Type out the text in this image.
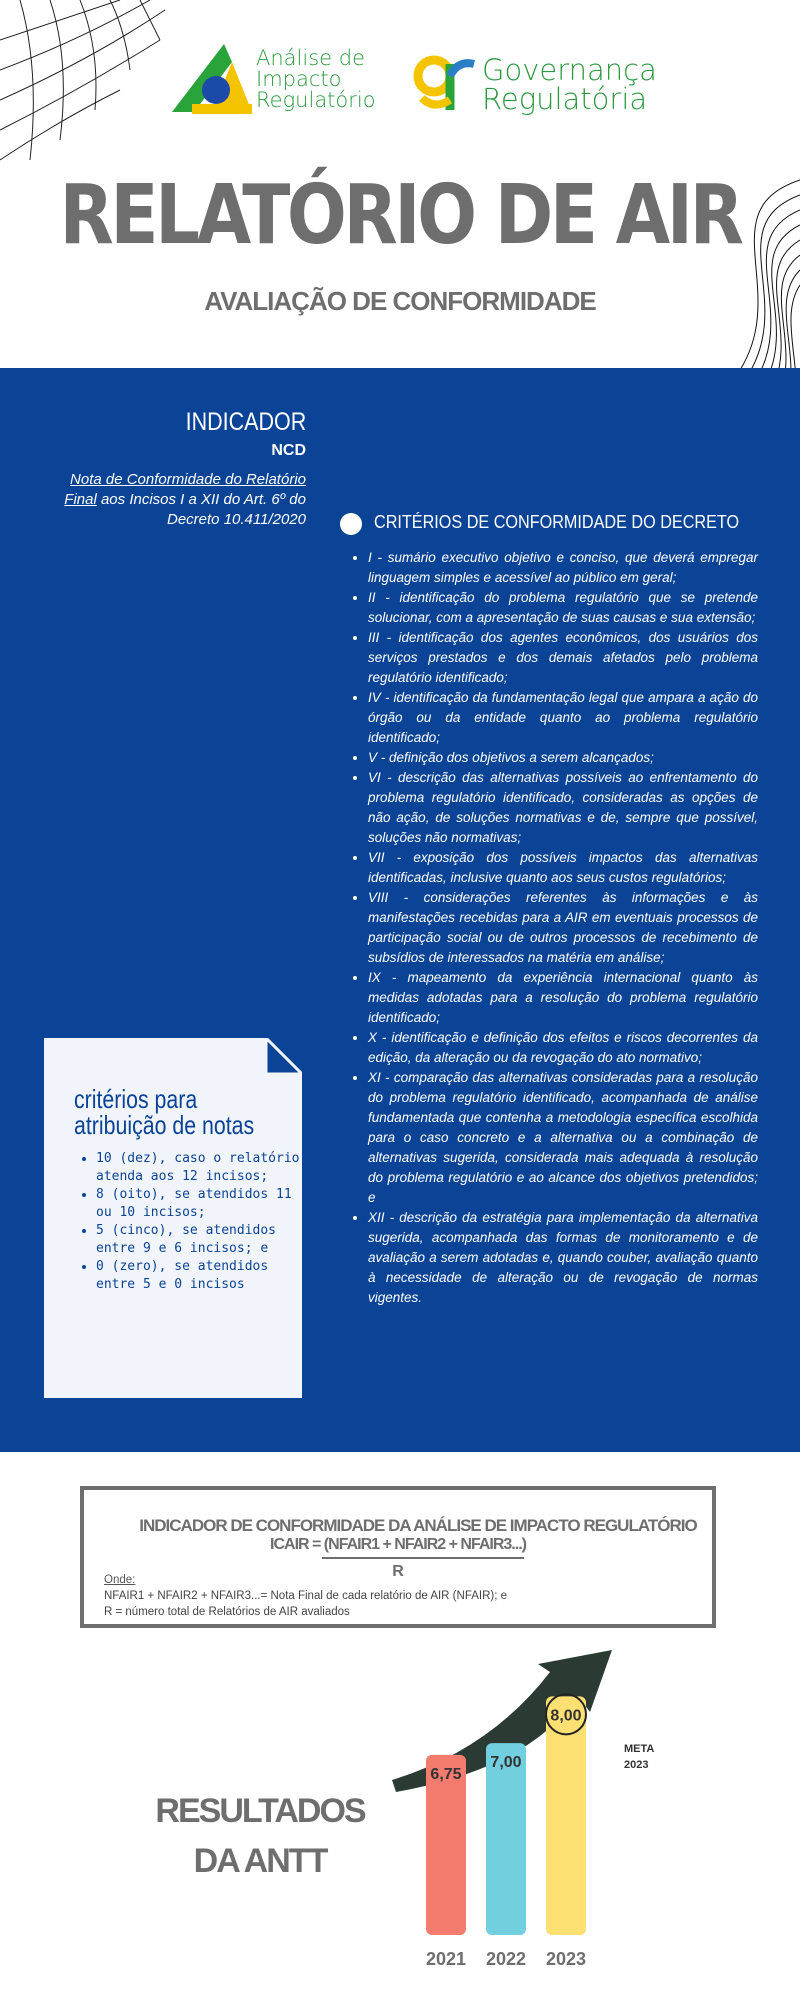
Análise de
Impacto
Regulatório
Governança
Regulatória
RELATÓRIO DE AIR
AVALIAÇÃO DE CONFORMIDADE
INDICADOR
NCD
Nota de Conformidade do Relatório Final aos Incisos I a XII do Art. 6º do Decreto 10.411/2020	CRITÉRIOS DE CONFORMIDADE DO DECRETO
• I - sumário executivo objetivo e conciso, que deverá empregar linguagem simples e acessível ao público em geral;
• II - identificação do problema regulatório que se pretende solucionar, com a apresentação de suas causas e sua extensão;
• III - identificação dos agentes econômicos, dos usuários dos serviços prestados e dos demais afetados pelo problema regulatório identificado;
• IV - identificação da fundamentação legal que ampara a ação do órgão ou da entidade quanto ao problema regulatório identificado;
• V - definição dos objetivos a serem alcançados;
• VI - descrição das alternativas possíveis ao enfrentamento do problema regulatório identificado, consideradas as opções de não ação, de soluções normativas e de, sempre que possível, soluções não normativas;
• VII - exposição dos possíveis impactos das alternativas identificadas, inclusive quanto aos seus custos regulatórios;
• VIII - considerações referentes às informações e às manifestações recebidas para a AIR em eventuais processos de participação social ou de outros processos de recebimento de subsídios de interessados na matéria em análise;
• IX - mapeamento da experiência internacional quanto às medidas adotadas para a resolução do problema regulatório identificado;
• X - identificação e definição dos efeitos e riscos decorrentes da edição, da alteração ou da revogação do ato normativo;
• XI - comparação das alternativas consideradas para a resolução do problema regulatório identificado, acompanhada de análise fundamentada que contenha a metodologia específica escolhida para o caso concreto e a alternativa ou a combinação de alternativas sugerida, considerada mais adequada à resolução do problema regulatório e ao alcance dos objetivos pretendidos; e
• XII - descrição da estratégia para implementação da alternativa sugerida, acompanhada das formas de monitoramento e de avaliação a serem adotadas e, quando couber, avaliação quanto à necessidade de alteração ou de revogação de normas vigentes.
critérios para atribuição de notas
• 10 (dez), caso o relatório atenda aos 12 incisos;
• 8 (oito), se atendidos 11 ou 10 incisos;
• 5 (cinco), se atendidos entre 9 e 6 incisos; e
• 0 (zero), se atendidos entre 5 e 0 incisos
INDICADOR DE CONFORMIDADE DA ANÁLISE DE IMPACTO REGULATÓRIO
ICAIR = (NFAIR1 + NFAIR2 + NFAIR3...)
R
Onde:
NFAIR1 + NFAIR2 + NFAIR3...= Nota Final de cada relatório de AIR (NFAIR); e
R = número total de Relatórios de AIR avaliados
RESULTADOS
DA ANTT
6,75
2021
7,00
2022
8,00
2023
META
2023
